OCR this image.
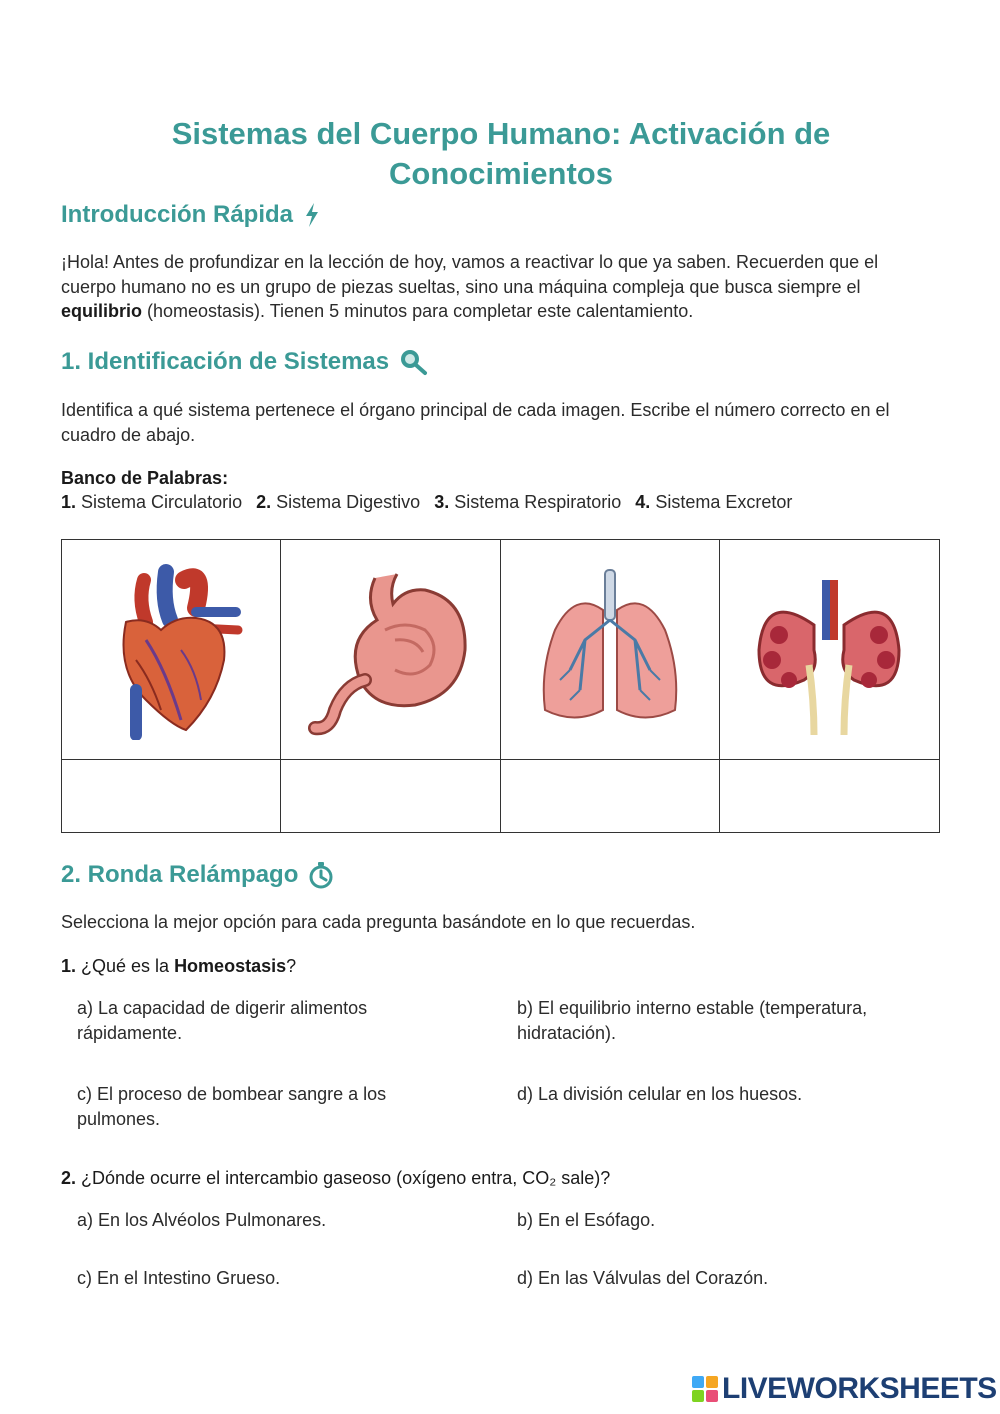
Sistemas del Cuerpo Humano: Activación de Conocimientos
Introducción Rápida
¡Hola! Antes de profundizar en la lección de hoy, vamos a reactivar lo que ya saben. Recuerden que el cuerpo humano no es un grupo de piezas sueltas, sino una máquina compleja que busca siempre el equilibrio (homeostasis). Tienen 5 minutos para completar este calentamiento.
1. Identificación de Sistemas
Identifica a qué sistema pertenece el órgano principal de cada imagen. Escribe el número correcto en el cuadro de abajo.
Banco de Palabras:
1. Sistema Circulatorio 2. Sistema Digestivo 3. Sistema Respiratorio 4. Sistema Excretor
2. Ronda Relámpago
Selecciona la mejor opción para cada pregunta basándote en lo que recuerdas.
1. ¿Qué es la Homeostasis?
a) La capacidad de digerir alimentos rápidamente.
b) El equilibrio interno estable (temperatura, hidratación).
c) El proceso de bombear sangre a los pulmones.
d) La división celular en los huesos.
2. ¿Dónde ocurre el intercambio gaseoso (oxígeno entra, CO₂ sale)?
a) En los Alvéolos Pulmonares.	b) En el Esófago.
c) En el Intestino Grueso.	d) En las Válvulas del Corazón.
LIVEWORKSHEETS
